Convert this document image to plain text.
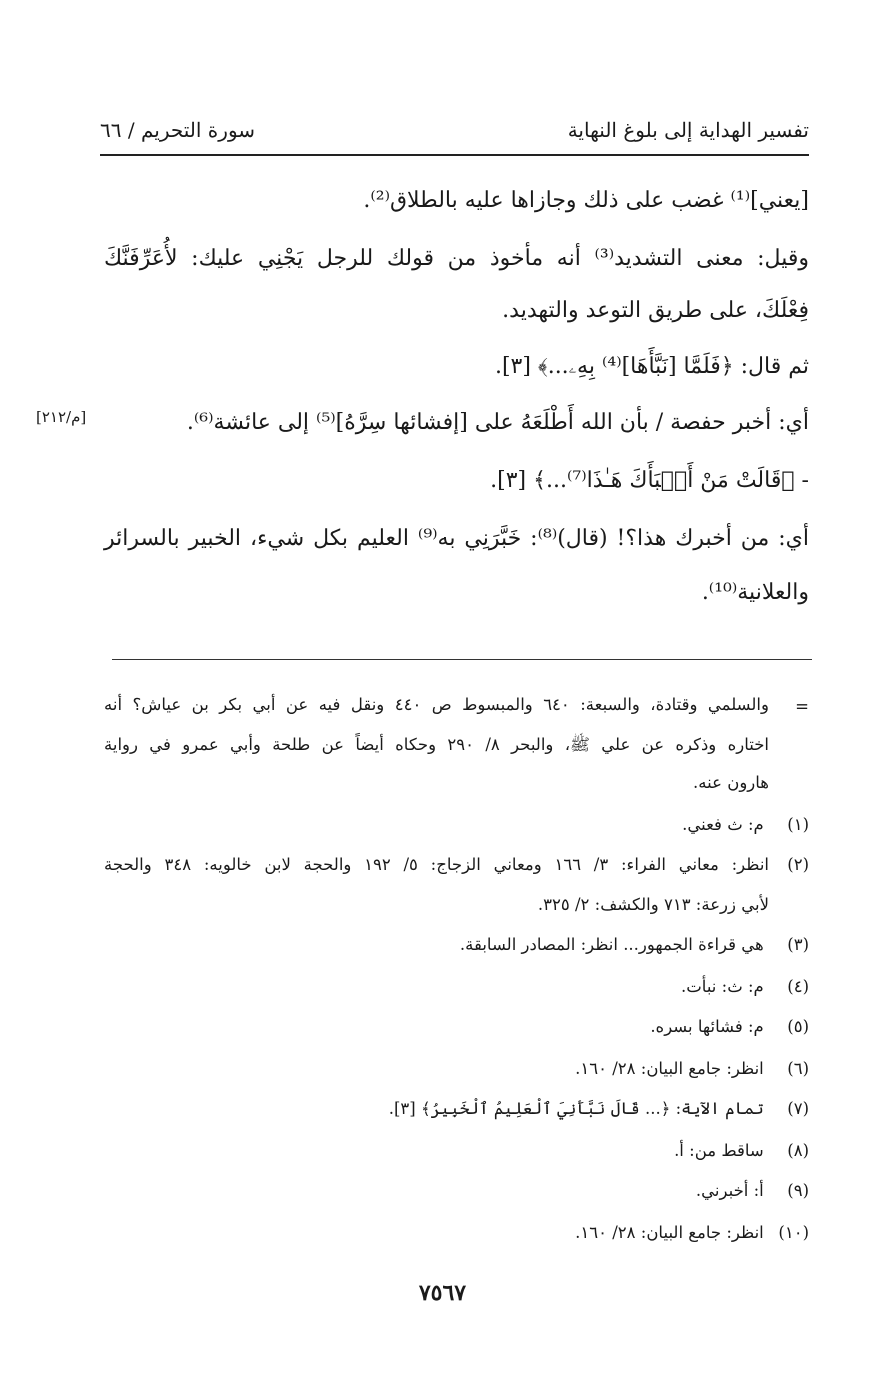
تفسير الهداية إلى بلوغ النهاية
سورة التحريم / ٦٦
[يعني]⁽¹⁾ غضب على ذلك وجازاها عليه بالطلاق⁽²⁾.
وقيل: معنى التشديد⁽³⁾ أنه مأخوذ من قولك للرجل يَجْنِي عليك: لأُعَرِّفَنَّكَ
فِعْلَكَ، على طريق التوعد والتهديد.
ثم قال: ﴿فَلَمَّا [نَبَّأَهَا]⁽⁴⁾ بِهِۦ...﴾ [٣].
أي: أخبر حفصة / بأن الله أَطْلَعَهُ على [إفشائها سِرَّهُ]⁽⁵⁾ إلى عائشة⁽⁶⁾.
[م/٢١٢]
- ﴿قَالَتْ مَنْ أَنۢبَأَكَ هَـٰذَا⁽⁷⁾...﴾ [٣].
أي: من أخبرك هذا؟! (قال)⁽⁸⁾: خَبَّرَنِي به⁽⁹⁾ العليم بكل شيء، الخبير بالسرائر
والعلانية⁽¹⁰⁾.
=
والسلمي وقتادة، والسبعة: ٦٤٠ والمبسوط ص ٤٤٠ ونقل فيه عن أبي بكر بن عياش؟ أنه
اختاره وذكره عن علي ﷺ، والبحر ٨/ ٢٩٠ وحكاه أيضاً عن طلحة وأبي عمرو في رواية
هارون عنه.
(١) م: ث فعني.
(٢)
انظر: معاني الفراء: ٣/ ١٦٦ ومعاني الزجاج: ٥/ ١٩٢ والحجة لابن خالويه: ٣٤٨ والحجة
لأبي زرعة: ٧١٣ والكشف: ٢/ ٣٢٥.
(٣) هي قراءة الجمهور... انظر: المصادر السابقة.
(٤) م: ث: نبأت.
(٥) م: فشائها بسره.
(٦) انظر: جامع البيان: ٢٨/ ١٦٠.
(٧) تمام الآية: ﴿... قَالَ نَبَّأَنِيَ ٱلْعَلِيمُ ٱلْخَبِيرُ﴾ [٣].
(٨) ساقط من: أ.
(٩) أ: أخبرني.
(١٠) انظر: جامع البيان: ٢٨/ ١٦٠.
٧٥٦٧
